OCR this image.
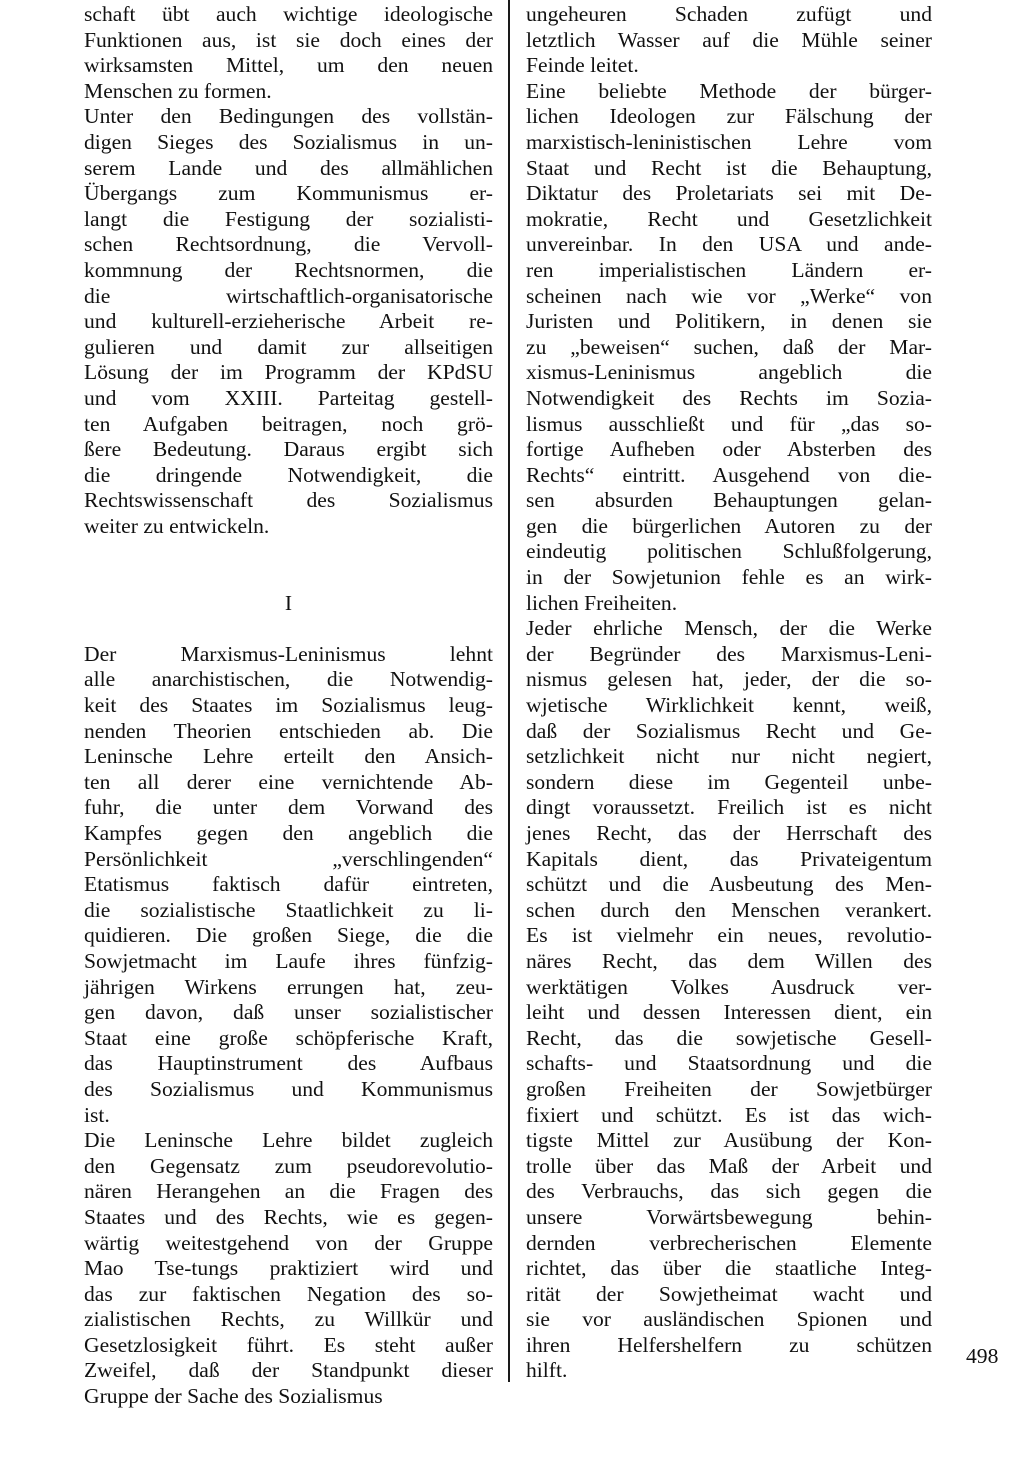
schaft übt auch wichtige ideologische
Funktionen aus, ist sie doch eines der
wirksamsten Mittel, um den neuen
Menschen zu formen.
Unter den Bedingungen des vollstän-
digen Sieges des Sozialismus in un-
serem Lande und des allmählichen
Übergangs zum Kommunismus er-
langt die Festigung der sozialisti-
schen Rechtsordnung, die Vervoll-
kommnung der Rechtsnormen, die
die wirtschaftlich-organisatorische
und kulturell-erzieherische Arbeit re-
gulieren und damit zur allseitigen
Lösung der im Programm der KPdSU
und vom XXIII. Parteitag gestell-
ten Aufgaben beitragen, noch grö-
ßere Bedeutung. Daraus ergibt sich
die dringende Notwendigkeit, die
Rechtswissenschaft des Sozialismus
weiter zu entwickeln.
I
Der Marxismus-Leninismus lehnt
alle anarchistischen, die Notwendig-
keit des Staates im Sozialismus leug-
nenden Theorien entschieden ab. Die
Leninsche Lehre erteilt den Ansich-
ten all derer eine vernichtende Ab-
fuhr, die unter dem Vorwand des
Kampfes gegen den angeblich die
Persönlichkeit „verschlingenden“
Etatismus faktisch dafür eintreten,
die sozialistische Staatlichkeit zu li-
quidieren. Die großen Siege, die die
Sowjetmacht im Laufe ihres fünfzig-
jährigen Wirkens errungen hat, zeu-
gen davon, daß unser sozialistischer
Staat eine große schöpferische Kraft,
das Hauptinstrument des Aufbaus
des Sozialismus und Kommunismus
ist.
Die Leninsche Lehre bildet zugleich
den Gegensatz zum pseudorevolutio-
nären Herangehen an die Fragen des
Staates und des Rechts, wie es gegen-
wärtig weitestgehend von der Gruppe
Mao Tse-tungs praktiziert wird und
das zur faktischen Negation des so-
zialistischen Rechts, zu Willkür und
Gesetzlosigkeit führt. Es steht außer
Zweifel, daß der Standpunkt dieser
Gruppe der Sache des Sozialismus
ungeheuren Schaden zufügt und
letztlich Wasser auf die Mühle seiner
Feinde leitet.
Eine beliebte Methode der bürger-
lichen Ideologen zur Fälschung der
marxistisch-leninistischen Lehre vom
Staat und Recht ist die Behauptung,
Diktatur des Proletariats sei mit De-
mokratie, Recht und Gesetzlichkeit
unvereinbar. In den USA und ande-
ren imperialistischen Ländern er-
scheinen nach wie vor „Werke“ von
Juristen und Politikern, in denen sie
zu „beweisen“ suchen, daß der Mar-
xismus-Leninismus angeblich die
Notwendigkeit des Rechts im Sozia-
lismus ausschließt und für „das so-
fortige Aufheben oder Absterben des
Rechts“ eintritt. Ausgehend von die-
sen absurden Behauptungen gelan-
gen die bürgerlichen Autoren zu der
eindeutig politischen Schlußfolgerung,
in der Sowjetunion fehle es an wirk-
lichen Freiheiten.
Jeder ehrliche Mensch, der die Werke
der Begründer des Marxismus-Leni-
nismus gelesen hat, jeder, der die so-
wjetische Wirklichkeit kennt, weiß,
daß der Sozialismus Recht und Ge-
setzlichkeit nicht nur nicht negiert,
sondern diese im Gegenteil unbe-
dingt voraussetzt. Freilich ist es nicht
jenes Recht, das der Herrschaft des
Kapitals dient, das Privateigentum
schützt und die Ausbeutung des Men-
schen durch den Menschen verankert.
Es ist vielmehr ein neues, revolutio-
näres Recht, das dem Willen des
werktätigen Volkes Ausdruck ver-
leiht und dessen Interessen dient, ein
Recht, das die sowjetische Gesell-
schafts- und Staatsordnung und die
großen Freiheiten der Sowjetbürger
fixiert und schützt. Es ist das wich-
tigste Mittel zur Ausübung der Kon-
trolle über das Maß der Arbeit und
des Verbrauchs, das sich gegen die
unsere Vorwärtsbewegung behin-
dernden verbrecherischen Elemente
richtet, das über die staatliche Integ-
rität der Sowjetheimat wacht und
sie vor ausländischen Spionen und
ihren Helfershelfern zu schützen
hilft.
498
